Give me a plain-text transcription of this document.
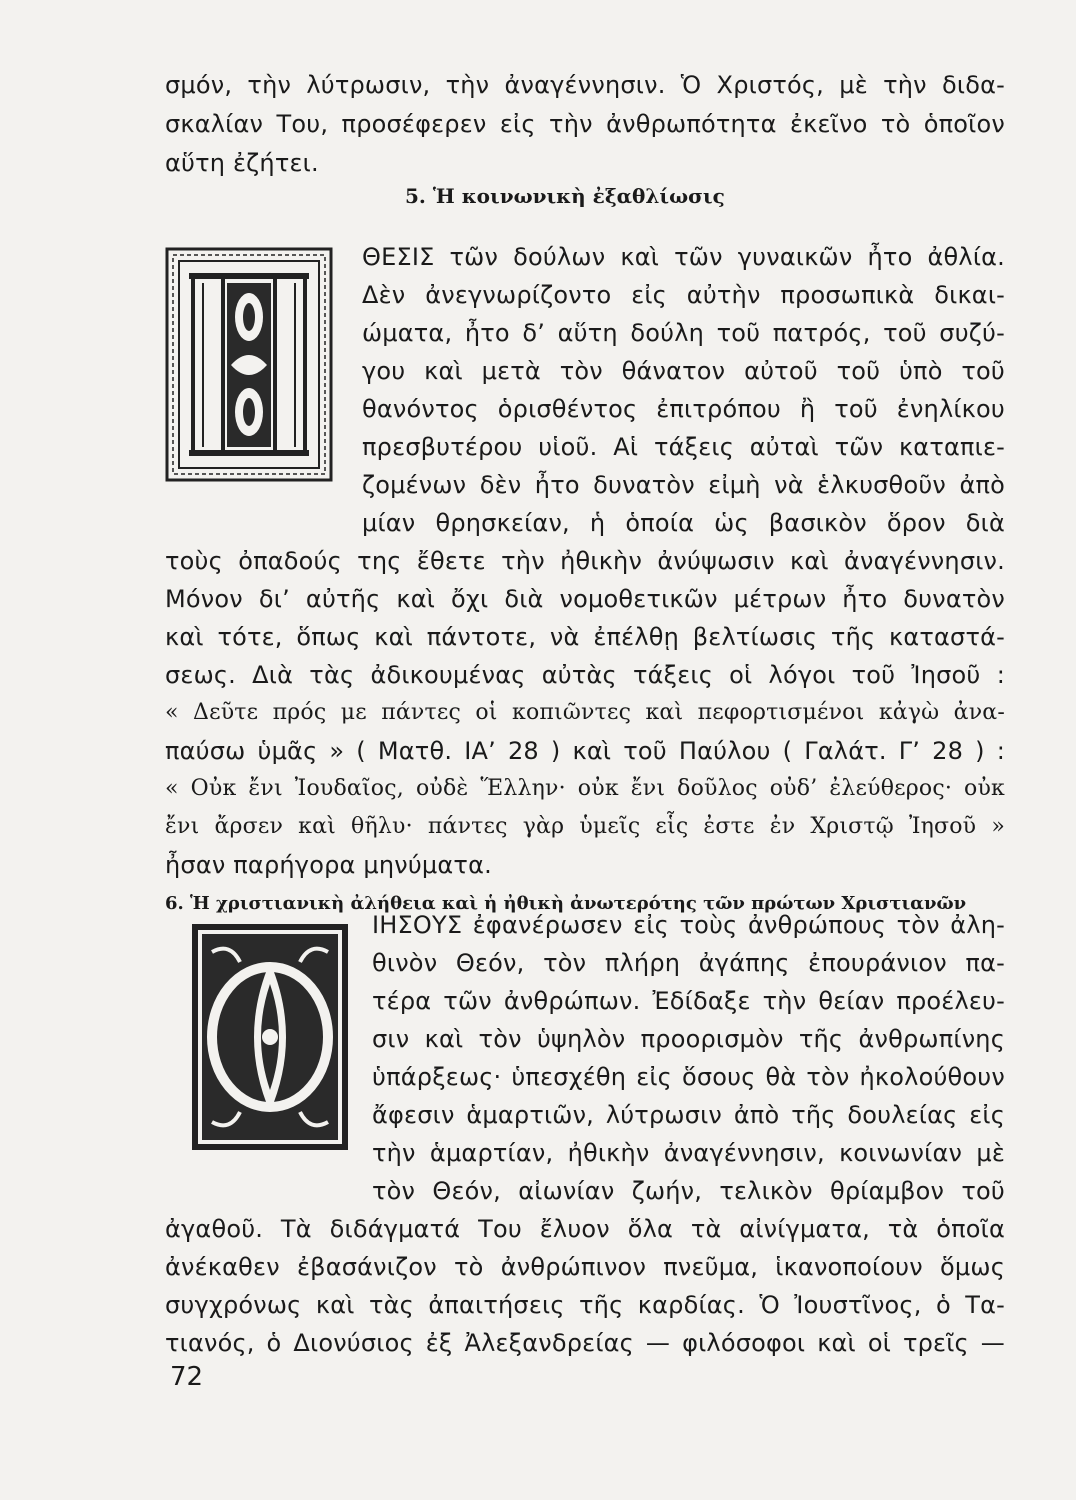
σμόν, τὴν λύτρωσιν, τὴν ἀναγέννησιν. Ὁ Χριστός, μὲ τὴν διδα-
σκαλίαν Του, προσέφερεν εἰς τὴν ἀνθρωπότητα ἐκεῖνο τὸ ὁποῖον
αὕτη ἐζήτει.
5. Ἡ κοινωνικὴ ἐξαθλίωσις
ΘΕΣΙΣ τῶν δούλων καὶ τῶν γυναικῶν ἦτο ἀθλία.
Δὲν ἀνεγνωρίζοντο εἰς αὐτὴν προσωπικὰ δικαι-
ώματα, ἦτο δ’ αὕτη δούλη τοῦ πατρός, τοῦ συζύ-
γου καὶ μετὰ τὸν θάνατον αὐτοῦ τοῦ ὑπὸ τοῦ
θανόντος ὁρισθέντος ἐπιτρόπου ἢ τοῦ ἐνηλίκου
πρεσβυτέρου υἱοῦ. Αἱ τάξεις αὐταὶ τῶν καταπιε-
ζομένων δὲν ἦτο δυνατὸν εἰμὴ νὰ ἑλκυσθοῦν ἀπὸ
μίαν θρησκείαν, ἡ ὁποία ὡς βασικὸν ὅρον διὰ
τοὺς ὀπαδούς της ἔθετε τὴν ἠθικὴν ἀνύψωσιν καὶ ἀναγέννησιν.
Μόνον δι’ αὐτῆς καὶ ὄχι διὰ νομοθετικῶν μέτρων ἦτο δυνατὸν
καὶ τότε, ὅπως καὶ πάντοτε, νὰ ἐπέλθῃ βελτίωσις τῆς καταστά-
σεως. Διὰ τὰς ἀδικουμένας αὐτὰς τάξεις οἱ λόγοι τοῦ Ἰησοῦ :
« Δεῦτε πρός με πάντες οἱ κοπιῶντες καὶ πεφορτισμένοι κἀγὼ ἀνα-
παύσω ὑμᾶς » ( Ματθ. ΙΑ’ 28 ) καὶ τοῦ Παύλου ( Γαλάτ. Γ’ 28 ) :
« Οὐκ ἔνι Ἰουδαῖος, οὐδὲ Ἕλλην· οὐκ ἔνι δοῦλος οὐδ’ ἐλεύθερος· οὐκ
ἔνι ἄρσεν καὶ θῆλυ· πάντες γὰρ ὑμεῖς εἷς ἐστε ἐν Χριστῷ Ἰησοῦ »
ἦσαν παρήγορα μηνύματα.
6. Ἡ χριστιανικὴ ἀλήθεια καὶ ἡ ἠθικὴ ἀνωτερότης τῶν πρώτων Χριστιανῶν
ΙΗΣΟΥΣ ἐφανέρωσεν εἰς τοὺς ἀνθρώπους τὸν ἀλη-
θινὸν Θεόν, τὸν πλήρη ἀγάπης ἐπουράνιον πα-
τέρα τῶν ἀνθρώπων. Ἐδίδαξε τὴν θείαν προέλευ-
σιν καὶ τὸν ὑψηλὸν προορισμὸν τῆς ἀνθρωπίνης
ὑπάρξεως· ὑπεσχέθη εἰς ὅσους θὰ τὸν ἠκολούθουν
ἄφεσιν ἁμαρτιῶν, λύτρωσιν ἀπὸ τῆς δουλείας εἰς
τὴν ἁμαρτίαν, ἠθικὴν ἀναγέννησιν, κοινωνίαν μὲ
τὸν Θεόν, αἰωνίαν ζωήν, τελικὸν θρίαμβον τοῦ
ἀγαθοῦ. Τὰ διδάγματά Του ἔλυον ὅλα τὰ αἰνίγματα, τὰ ὁποῖα
ἀνέκαθεν ἐβασάνιζον τὸ ἀνθρώπινον πνεῦμα, ἱκανοποίουν ὅμως
συγχρόνως καὶ τὰς ἀπαιτήσεις τῆς καρδίας. Ὁ Ἰουστῖνος, ὁ Τα-
τιανός, ὁ Διονύσιος ἐξ Ἀλεξανδρείας — φιλόσοφοι καὶ οἱ τρεῖς —
72
